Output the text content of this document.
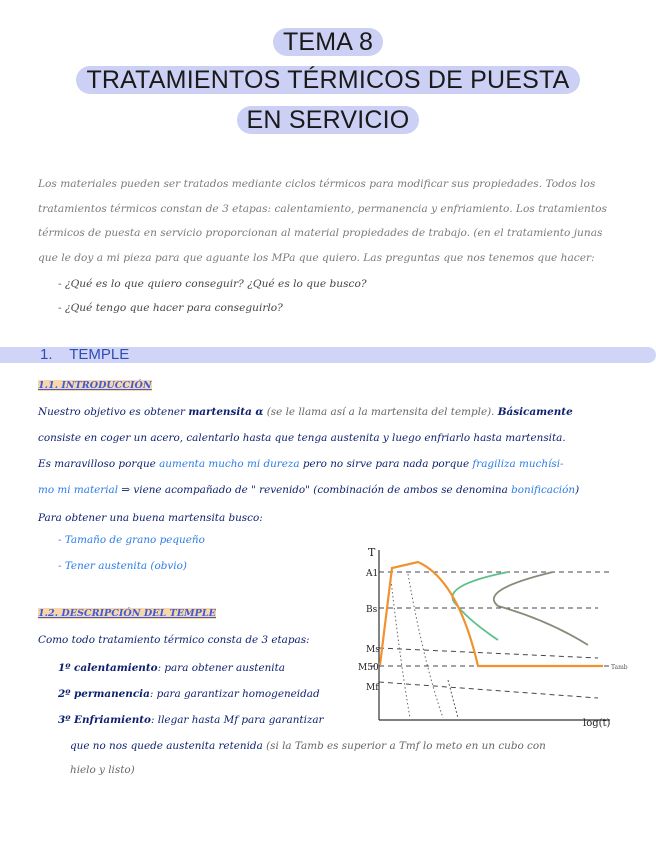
TEMA 8
TRATAMIENTOS TÉRMICOS DE PUESTA
EN SERVICIO
Los materiales pueden ser tratados mediante ciclos térmicos para modificar sus propiedades. Todos los
tratamientos térmicos constan de 3 etapas: calentamiento, permanencia y enfriamiento. Los tratamientos
térmicos de puesta en servicio proporcionan al material propiedades de trabajo. (en el tratamiento junas
que le doy a mi pieza para que aguante los MPa que quiero. Las preguntas que nos tenemos que hacer:
- ¿Qué es lo que quiero conseguir? ¿Qué es lo que busco?
- ¿Qué tengo que hacer para conseguirlo?
1. TEMPLE
1.1. INTRODUCCIÓN
Nuestro objetivo es obtener martensita α (se le llama así a la martensita del temple). Básicamente
consiste en coger un acero, calentarlo hasta que tenga austenita y luego enfriarlo hasta martensita.
Es maravilloso porque aumenta mucho mi dureza pero no sirve para nada porque fragiliza muchísi-
mo mi material ⇒ viene acompañado de " revenido" (combinación de ambos se denomina bonificación)
Para obtener una buena martensita busco:
- Tamaño de grano pequeño
- Tener austenita (obvio)
1.2. DESCRIPCIÓN DEL TEMPLE
Como todo tratamiento térmico consta de 3 etapas:
1º calentamiento: para obtener austenita
2º permanencia: para garantizar homogeneidad
3º Enfriamiento: llegar hasta Mf para garantizar
que no nos quede austenita retenida (si la Tamb es superior a Tmf lo meto en un cubo con
hielo y listo)
T
log(t)
A1
Bs
Ms
M50
Mf
Tamb
